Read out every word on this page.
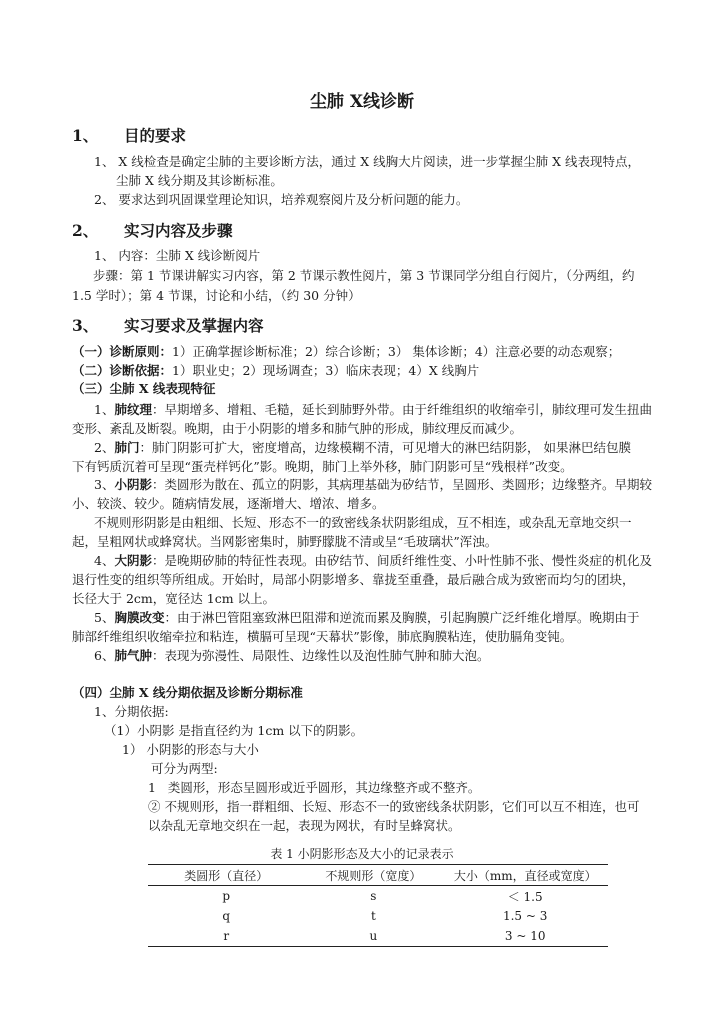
尘肺 X线诊断
1、 目的要求
1、 X 线检查是确定尘肺的主要诊断方法，通过 X 线胸大片阅读，进一步掌握尘肺 X 线表现特点，
尘肺 X 线分期及其诊断标准。
2、 要求达到巩固课堂理论知识，培养观察阅片及分析问题的能力。
2、 实习内容及步骤
1、 内容：尘肺 X 线诊断阅片
步骤：第 1 节课讲解实习内容，第 2 节课示教性阅片，第 3 节课同学分组自行阅片，（分两组，约
1.5 学时）；第 4 节课，讨论和小结，（约 30 分钟）
3、 实习要求及掌握内容
（一）诊断原则：1）正确掌握诊断标准；2）综合诊断；3） 集体诊断；4）注意必要的动态观察；
（二）诊断依据：1）职业史；2）现场调查；3）临床表现；4）X 线胸片
（三）尘肺 X 线表现特征
1、肺纹理：早期增多、增粗、毛糙，延长到肺野外带。由于纤维组织的收缩牵引，肺纹理可发生扭曲
变形、紊乱及断裂。晚期，由于小阴影的增多和肺气肿的形成，肺纹理反而减少。
2、肺门：肺门阴影可扩大，密度增高，边缘模糊不清，可见增大的淋巴结阴影， 如果淋巴结包膜
下有钙质沉着可呈现“蛋壳样钙化”影。晚期，肺门上举外移，肺门阴影可呈“残根样”改变。
3、小阴影：类圆形为散在、孤立的阴影，其病理基础为矽结节，呈圆形、类圆形；边缘整齐。早期较
小、较淡、较少。随病情发展，逐渐增大、增浓、增多。
不规则形阴影是由粗细、长短、形态不一的致密线条状阴影组成，互不相连，或杂乱无章地交织一
起，呈粗网状或蜂窝状。当网影密集时，肺野朦胧不清或呈“毛玻璃状”浑浊。
4、大阴影：是晚期矽肺的特征性表现。由矽结节、间质纤维性变、小叶性肺不张、慢性炎症的机化及
退行性变的组织等所组成。开始时，局部小阴影增多、靠拢至重叠，最后融合成为致密而均匀的团块，
长径大于 2cm，宽径达 1cm 以上。
5、胸膜改变：由于淋巴管阻塞致淋巴阻滞和逆流而累及胸膜，引起胸膜广泛纤维化增厚。晚期由于
肺部纤维组织收缩牵拉和粘连，横膈可呈现“天幕状”影像，肺底胸膜粘连，使肋膈角变钝。
6、肺气肿：表现为弥漫性、局限性、边缘性以及泡性肺气肿和肺大泡。
（四）尘肺 X 线分期依据及诊断分期标准
1、分期依据:
（1）小阴影 是指直径约为 1cm 以下的阴影。
1） 小阴影的形态与大小
可分为两型:
1 类圆形，形态呈圆形或近乎圆形，其边缘整齐或不整齐。
② 不规则形，指一群粗细、长短、形态不一的致密线条状阴影，它们可以互不相连，也可
以杂乱无章地交织在一起，表现为网状，有时呈蜂窝状。
表 1 小阴影形态及大小的记录表示
类圆形（直径）	不规则形（宽度）	大小（mm，直径或宽度）
p	s	＜ 1.5
q	t	1.5 ~ 3
r	u	3 ~ 10
